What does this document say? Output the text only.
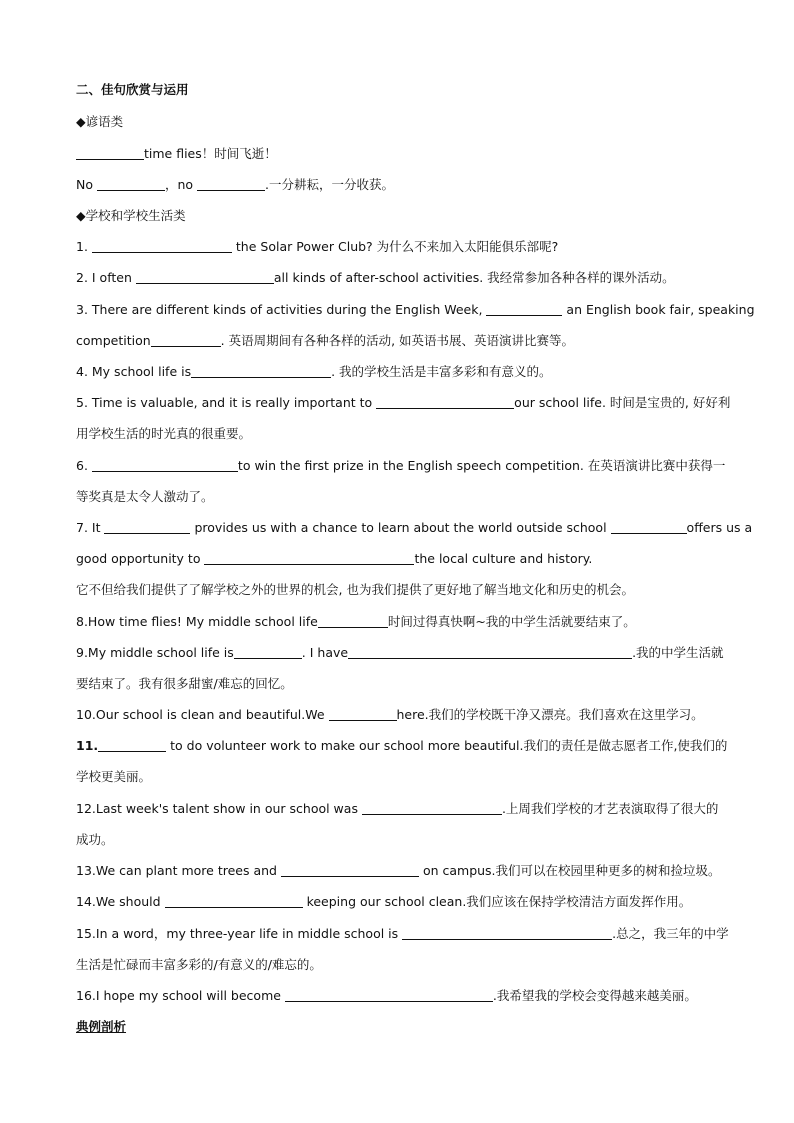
二、佳句欣赏与运用
◆谚语类
time flies！时间飞逝！
No	，no	.一分耕耘，一分收获。
◆学校和学校生活类
1.	the Solar Power Club? 为什么不来加入太阳能俱乐部呢?
2. I often	all kinds of after-school activities. 我经常参加各种各样的课外活动。
3. There are different kinds of activities during the English Week,	an English book fair, speaking
competition	. 英语周期间有各种各样的活动, 如英语书展、英语演讲比赛等。
4. My school life is	. 我的学校生活是丰富多彩和有意义的。
5. Time is valuable, and it is really important to	our school life. 时间是宝贵的, 好好利
用学校生活的时光真的很重要。
6.	to win the first prize in the English speech competition. 在英语演讲比赛中获得一
等奖真是太令人激动了。
7. It	provides us with a chance to learn about the world outside school	offers us a
good opportunity to	the local culture and history.
它不但给我们提供了了解学校之外的世界的机会, 也为我们提供了更好地了解当地文化和历史的机会。
8.How time flies! My middle school life	时间过得真快啊~我的中学生活就要结束了。
9.My middle school life is	. I have	.我的中学生活就
要结束了。我有很多甜蜜/难忘的回忆。
10.Our school is clean and beautiful.We	here.我们的学校既干净又漂亮。我们喜欢在这里学习。
11.	to do volunteer work to make our school more beautiful.我们的责任是做志愿者工作,使我们的
学校更美丽。
12.Last week's talent show in our school was	.上周我们学校的才艺表演取得了很大的
成功。
13.We can plant more trees and	on campus.我们可以在校园里种更多的树和捡垃圾。
14.We should	keeping our school clean.我们应该在保持学校清洁方面发挥作用。
15.In a word，my three-year life in middle school is	.总之，我三年的中学
生活是忙碌而丰富多彩的/有意义的/难忘的。
16.I hope my school will become	.我希望我的学校会变得越来越美丽。
典例剖析
